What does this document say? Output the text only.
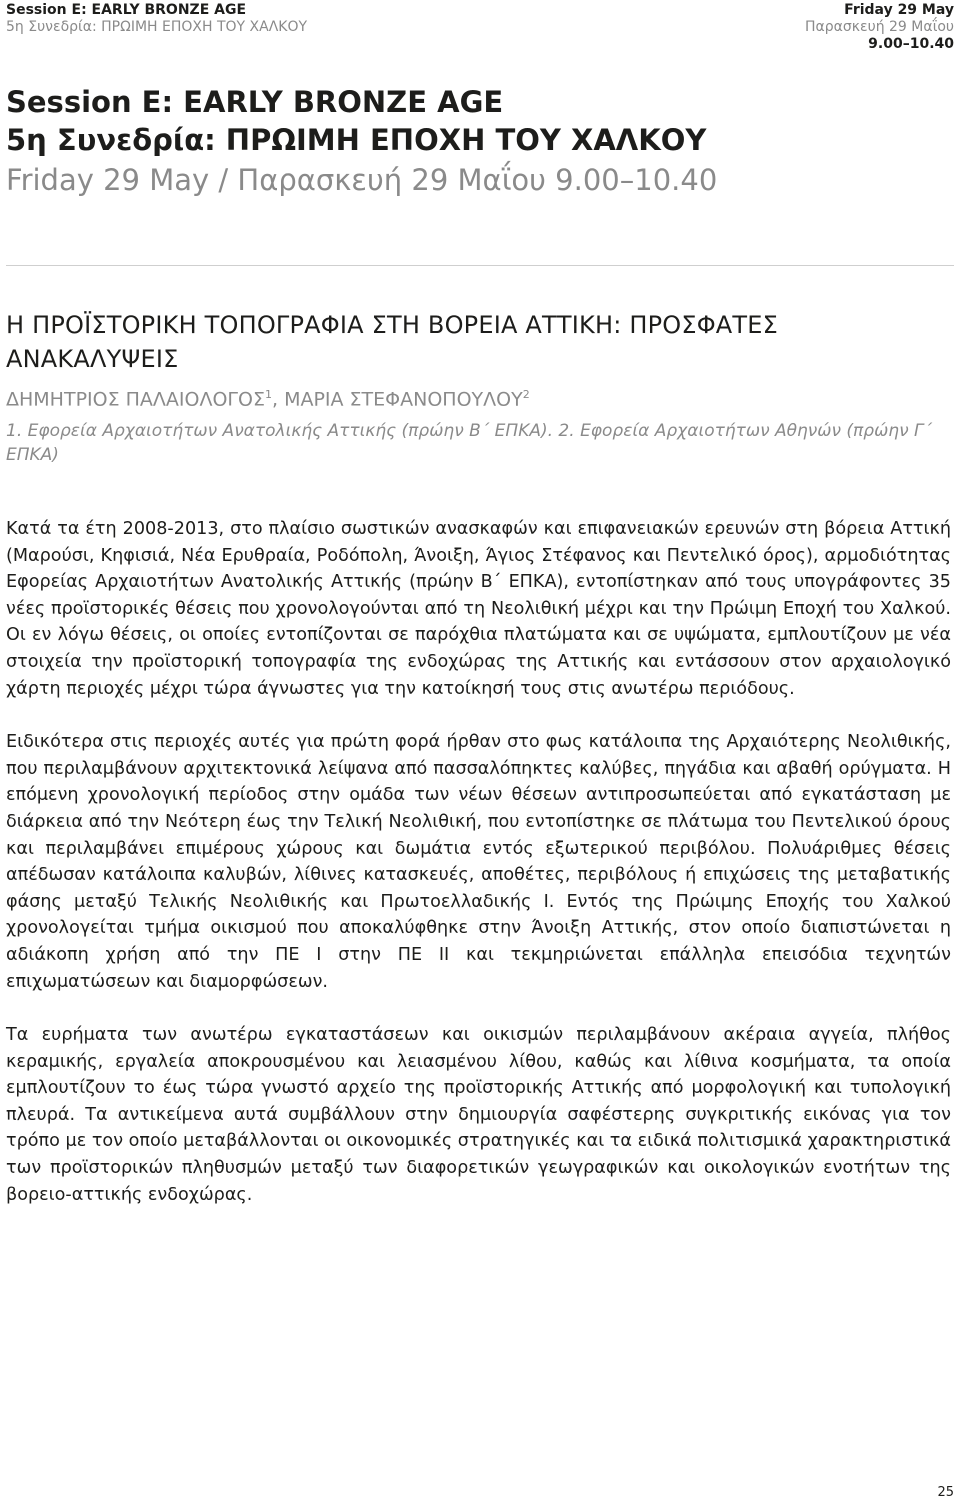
Session E: EARLY BRONZE AGE
5η Συνεδρία: ΠΡΩΙΜΗ ΕΠΟΧΗ ΤΟΥ ΧΑΛΚΟΥ
Friday 29 May
Παρασκευή 29 Μαΐου
9.00–10.40
Session E: EARLY BRONZE AGE
5η Συνεδρία: ΠΡΩΙΜΗ ΕΠΟΧΗ ΤΟΥ ΧΑΛΚΟΥ
Friday 29 May / Παρασκευή 29 Μαΐου 9.00–10.40
Η ΠΡΟΪΣΤΟΡΙΚΗ ΤΟΠΟΓΡΑΦΙΑ ΣΤΗ ΒΟΡΕΙΑ ΑΤΤΙΚΗ: ΠΡΟΣΦΑΤΕΣ ΑΝΑΚΑΛΥΨΕΙΣ
ΔΗΜΗΤΡΙΟΣ ΠΑΛΑΙΟΛΟΓΟΣ$^1$, ΜΑΡΙΑ ΣΤΕΦΑΝΟΠΟΥΛΟΥ$^2$
1. Εφορεία Αρχαιοτήτων Ανατολικής Αττικής (πρώην Β΄ ΕΠΚΑ). 2. Εφορεία Αρχαιοτήτων Αθηνών (πρώην Γ΄ ΕΠΚΑ)

Κατά τα έτη 2008-2013, στο πλαίσιο σωστικών ανασκαφών και επιφανειακών ερευνών στη βόρεια Αττική (Μαρούσι, Κηφισιά, Νέα Ερυθραία, Ροδόπολη, Άνοιξη, Άγιος Στέφανος και Πεντελικό όρος), αρμοδιότητας Εφορείας Αρχαιοτήτων Ανατολικής Αττικής (πρώην Β΄ ΕΠΚΑ), εντοπίστηκαν από τους υπογράφοντες 35 νέες προϊστορικές θέσεις που χρονολογούνται από τη Νεολιθική μέχρι και την Πρώιμη Εποχή του Χαλκού. Οι εν λόγω θέσεις, οι οποίες εντοπίζονται σε παρόχθια πλατώματα και σε υψώματα, εμπλουτίζουν με νέα στοιχεία την προϊστορική τοπογραφία της ενδοχώρας της Αττικής και εντάσσουν στον αρχαιολογικό χάρτη περιοχές μέχρι τώρα άγνωστες για την κατοίκησή τους στις ανωτέρω περιόδους.

Ειδικότερα στις περιοχές αυτές για πρώτη φορά ήρθαν στο φως κατάλοιπα της Αρχαιότερης Νεολιθικής, που περιλαμβάνουν αρχιτεκτονικά λείψανα από πασσαλόπηκτες καλύβες, πηγάδια και αβαθή ορύγματα. Η επόμενη χρονολογική περίοδος στην ομάδα των νέων θέσεων αντιπροσωπεύεται από εγκατάσταση με διάρκεια από την Νεότερη έως την Τελική Νεολιθική, που εντοπίστηκε σε πλάτωμα του Πεντελικού όρους και περιλαμβάνει επιμέρους χώρους και δωμάτια εντός εξωτερικού περιβόλου. Πολυάριθμες θέσεις απέδωσαν κατάλοιπα καλυβών, λίθινες κατασκευές, αποθέτες, περιβόλους ή επιχώσεις της μεταβατικής φάσης μεταξύ Τελικής Νεολιθικής και Πρωτοελλαδικής Ι. Εντός της Πρώιμης Εποχής του Χαλκού χρονολογείται τμήμα οικισμού που αποκαλύφθηκε στην Άνοιξη Αττικής, στον οποίο διαπιστώνεται η αδιάκοπη χρήση από την ΠΕ Ι στην ΠΕ ΙΙ και τεκμηριώνεται επάλληλα επεισόδια τεχνητών επιχωματώσεων και διαμορφώσεων.

Τα ευρήματα των ανωτέρω εγκαταστάσεων και οικισμών περιλαμβάνουν ακέραια αγγεία, πλήθος κεραμικής, εργαλεία αποκρουσμένου και λειασμένου λίθου, καθώς και λίθινα κοσμήματα, τα οποία εμπλουτίζουν το έως τώρα γνωστό αρχείο της προϊστορικής Αττικής από μορφολογική και τυπολογική πλευρά. Τα αντικείμενα αυτά συμβάλλουν στην δημιουργία σαφέστερης συγκριτικής εικόνας για τον τρόπο με τον οποίο μεταβάλλονται οι οικονομικές στρατηγικές και τα ειδικά πολιτισμικά χαρακτηριστικά των προϊστορικών πληθυσμών μεταξύ των διαφορετικών γεωγραφικών και οικολογικών ενοτήτων της βορειο-αττικής ενδοχώρας.

25
